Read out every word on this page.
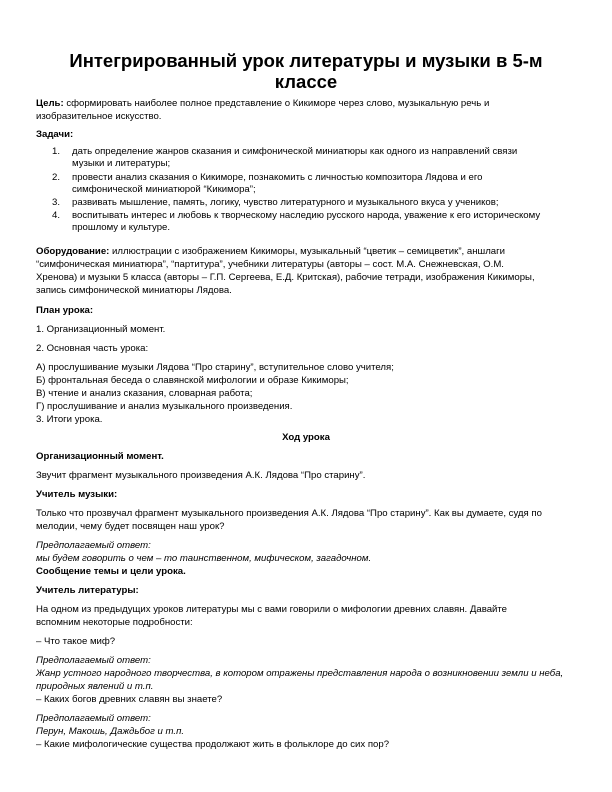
Интегрированный урок литературы и музыки в 5-м
классе

Цель: сформировать наиболее полное представление о Кикиморе через слово, музыкальную речь и

изобразительное искусство.

Задачи:

1. дать определение жанров сказания и симфонической миниатюры как одного из направлений связи
музыки и литературы;

2. провести анализ сказания о Кикиморе, познакомить с личностью композитора Лядова и его
симфонической миниатюрой “Кикимора”;

3. развивать мышление, память, логику, чувство литературного и музыкального вкуса у учеников;

4. воспитывать интерес и любовь к творческому наследию русского народа, уважение к его историческому
прошлому и культуре.

Оборудование: иллюстрации с изображением Кикиморы, музыкальный “цветик – семицветик”, аншлаги

“симфоническая миниатюра”, “партитура”, учебники литературы (авторы – сост. М.А. Снежневская, О.М.

Хренова) и музыки 5 класса (авторы – Г.П. Сергеева, Е.Д. Критская), рабочие тетради, изображения Кикиморы,

запись симфонической миниатюры Лядова.

План урока:

1. Организационный момент.

2. Основная часть урока:

А) прослушивание музыки Лядова “Про старину”, вступительное слово учителя;

Б) фронтальная беседа о славянской мифологии и образе Кикиморы;

В) чтение и анализ сказания, словарная работа;

Г) прослушивание и анализ музыкального произведения.

3. Итоги урока.

Ход урока

Организационный момент.

Звучит фрагмент музыкального произведения А.К. Лядова “Про старину”.

Учитель музыки:

Только что прозвучал фрагмент музыкального произведения А.К. Лядова “Про старину”. Как вы думаете, судя по

мелодии, чему будет посвящен наш урок?

Предполагаемый ответ:

мы будем говорить о чем – то таинственном, мифическом, загадочном.

Сообщение темы и цели урока.

Учитель литературы:

На одном из предыдущих уроков литературы мы с вами говорили о мифологии древних славян. Давайте

вспомним некоторые подробности:

– Что такое миф?

Предполагаемый ответ:

Жанр устного народного творчества, в котором отражены представления народа о возникновении земли и неба,

природных явлений и т.п.

– Каких богов древних славян вы знаете?

Предполагаемый ответ:

Перун, Макошь, Даждьбог и т.п.

– Какие мифологические существа продолжают жить в фольклоре до сих пор?
